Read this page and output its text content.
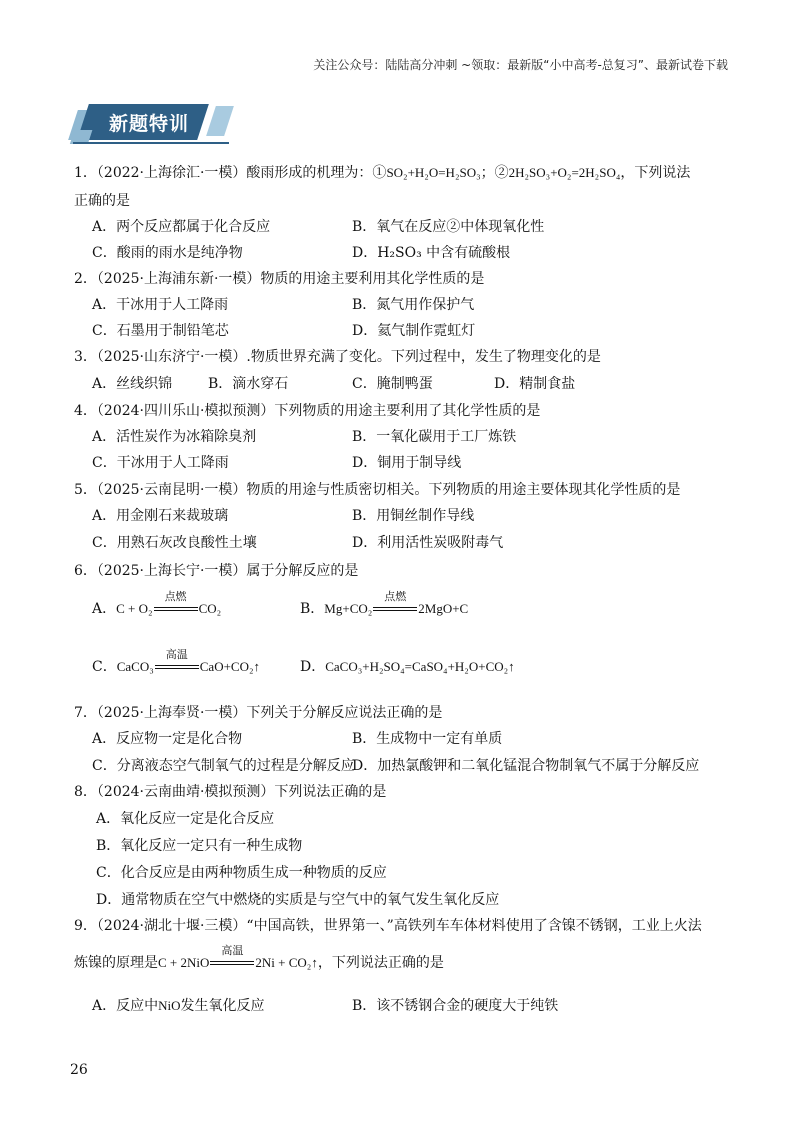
关注公众号：陆陆高分冲刺 ~领取：最新版“小中高考-总复习”、最新试卷下载
新题特训
1．（2022·上海徐汇·一模）酸雨形成的机理为：①SO₂+H₂O=H₂SO₃；②2H₂SO₃+O₂=2H₂SO₄，下列说法
正确的是
A．两个反应都属于化合反应	B．氧气在反应②中体现氧化性
C．酸雨的雨水是纯净物	D．H₂SO₃ 中含有硫酸根
2．（2025·上海浦东新·一模）物质的用途主要利用其化学性质的是
A．干冰用于人工降雨	B．氮气用作保护气
C．石墨用于制铅笔芯	D．氦气制作霓虹灯
3．（2025·山东济宁·一模）.物质世界充满了变化。下列过程中，发生了物理变化的是
A．丝线织锦	B．滴水穿石	C．腌制鸭蛋	D．精制食盐
4．（2024·四川乐山·模拟预测）下列物质的用途主要利用了其化学性质的是
A．活性炭作为冰箱除臭剂	B．一氧化碳用于工厂炼铁
C．干冰用于人工降雨	D．铜用于制导线
5．（2025·云南昆明·一模）物质的用途与性质密切相关。下列物质的用途主要体现其化学性质的是
A．用金刚石来裁玻璃	B．用铜丝制作导线
C．用熟石灰改良酸性土壤	D．利用活性炭吸附毒气
6．（2025·上海长宁·一模）属于分解反应的是
A．C + O₂
点燃
CO₂	B．Mg+CO₂
点燃
2MgO+C
C．CaCO₃
高温
CaO+CO₂↑	D．CaCO₃+H₂SO₄=CaSO₄+H₂O+CO₂↑
7．（2025·上海奉贤·一模）下列关于分解反应说法正确的是
A．反应物一定是化合物	B．生成物中一定有单质
C．分离液态空气制氧气的过程是分解反应
D．加热氯酸钾和二氧化锰混合物制氧气不属于分解反应
8．（2024·云南曲靖·模拟预测）下列说法正确的是
A．氧化反应一定是化合反应
B．氧化反应一定只有一种生成物
C．化合反应是由两种物质生成一种物质的反应
D．通常物质在空气中燃烧的实质是与空气中的氧气发生氧化反应
9．（2024·湖北十堰·三模）“中国高铁，世界第一、”高铁列车车体材料使用了含镍不锈钢，工业上火法
炼镍的原理是C + 2NiO
高温
2Ni + CO₂↑，下列说法正确的是
A．反应中NiO发生氧化反应	B．该不锈钢合金的硬度大于纯铁
26
